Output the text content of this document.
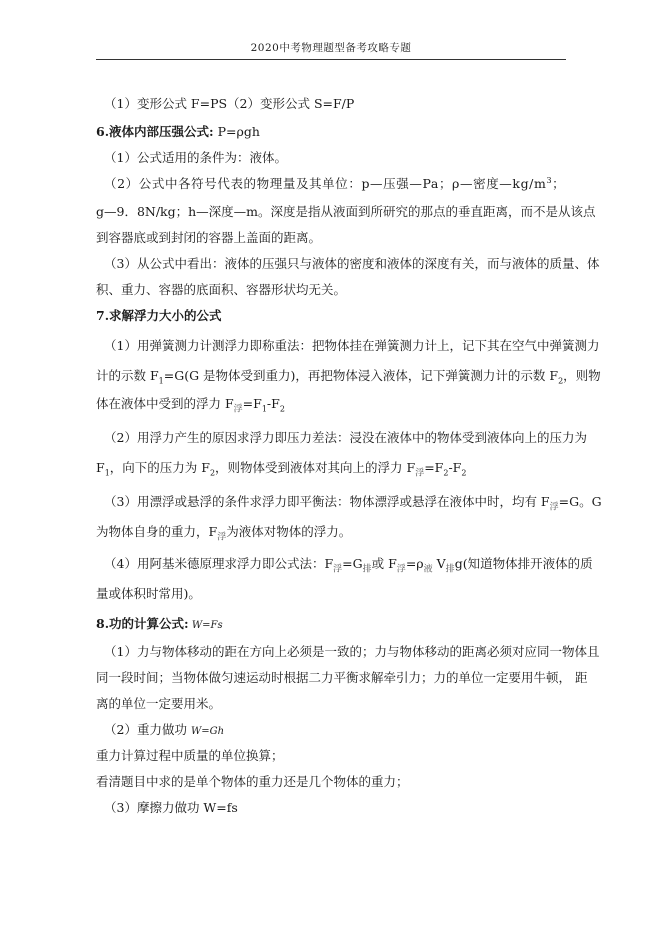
2020中考物理题型备考攻略专题
（1）变形公式 F=PS（2）变形公式 S=F/P
6.液体内部压强公式: P=ρgh
（1）公式适用的条件为：液体。
（2）公式中各符号代表的物理量及其单位：p—压强—Pa；ρ—密度$—kg/m^3$；
g—9．8N/kg；h—深度—m。深度是指从液面到所研究的那点的垂直距离，而不是从该点
到容器底或到封闭的容器上盖面的距离。
（3）从公式中看出：液体的压强只与液体的密度和液体的深度有关，而与液体的质量、体
积、重力、容器的底面积、容器形状均无关。
7.求解浮力大小的公式
（1）用弹簧测力计测浮力即称重法：把物体挂在弹簧测力计上，记下其在空气中弹簧测力
计的示数 $F_1=G(G$ 是物体受到重力)，再把物体浸入液体，记下弹簧测力计的示数 $F_2$，则物
体在液体中受到的浮力 $F_浮=F_1-F_2$
（2）用浮力产生的原因求浮力即压力差法：浸没在液体中的物体受到液体向上的压力为
$F_1$，向下的压力为 $F_2$，则物体受到液体对其向上的浮力 $F_浮=F_2-F_2$
（3）用漂浮或悬浮的条件求浮力即平衡法：物体漂浮或悬浮在液体中时，均有 $F_浮=G$。G
为物体自身的重力，$F_浮$为液体对物体的浮力。
（4）用阿基米德原理求浮力即公式法：$F_浮=G_排$或 $F_浮=\rho_液$ $V_排g$(知道物体排开液体的质
量或体积时常用)。
8.功的计算公式: W=Fs
（1）力与物体移动的距在方向上必须是一致的；力与物体移动的距离必须对应同一物体且
同一段时间；当物体做匀速运动时根据二力平衡求解牵引力；力的单位一定要用牛顿， 距
离的单位一定要用米。
（2）重力做功 W=Gh
重力计算过程中质量的单位换算；
看清题目中求的是单个物体的重力还是几个物体的重力；
（3）摩擦力做功 W=fs
